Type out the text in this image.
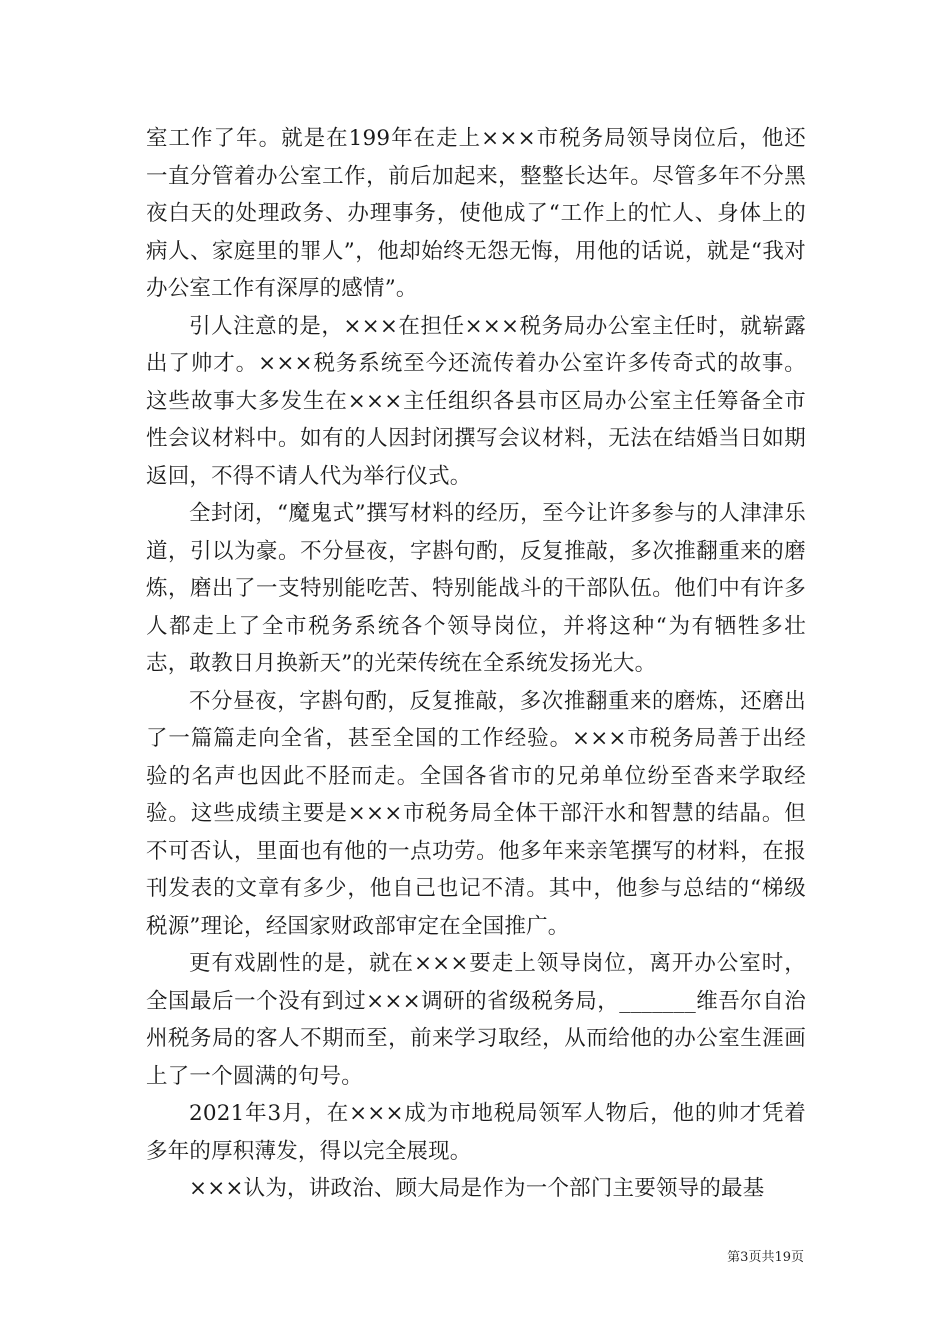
室工作了年。就是在199年在走上×××市税务局领导岗位后，他还一直分管着办公室工作，前后加起来，整整长达年。尽管多年不分黑夜白天的处理政务、办理事务，使他成了“工作上的忙人、身体上的病人、家庭里的罪人”，他却始终无怨无悔，用他的话说，就是“我对办公室工作有深厚的感情”。

引人注意的是，×××在担任×××税务局办公室主任时，就崭露出了帅才。×××税务系统至今还流传着办公室许多传奇式的故事。这些故事大多发生在×××主任组织各县市区局办公室主任筹备全市性会议材料中。如有的人因封闭撰写会议材料，无法在结婚当日如期返回，不得不请人代为举行仪式。

全封闭，“魔鬼式”撰写材料的经历，至今让许多参与的人津津乐道，引以为豪。不分昼夜，字斟句酌，反复推敲，多次推翻重来的磨炼，磨出了一支特别能吃苦、特别能战斗的干部队伍。他们中有许多人都走上了全市税务系统各个领导岗位，并将这种“为有牺牲多壮志，敢教日月换新天”的光荣传统在全系统发扬光大。

不分昼夜，字斟句酌，反复推敲，多次推翻重来的磨炼，还磨出了一篇篇走向全省，甚至全国的工作经验。×××市税务局善于出经验的名声也因此不胫而走。全国各省市的兄弟单位纷至沓来学取经验。这些成绩主要是×××市税务局全体干部汗水和智慧的结晶。但不可否认，里面也有他的一点功劳。他多年来亲笔撰写的材料，在报刊发表的文章有多少，他自己也记不清。其中，他参与总结的“梯级税源”理论，经国家财政部审定在全国推广。

更有戏剧性的是，就在×××要走上领导岗位，离开办公室时，全国最后一个没有到过×××调研的省级税务局，_______维吾尔自治州税务局的客人不期而至，前来学习取经，从而给他的办公室生涯画上了一个圆满的句号。

2021年3月，在×××成为市地税局领军人物后，他的帅才凭着多年的厚积薄发，得以完全展现。

×××认为，讲政治、顾大局是作为一个部门主要领导的最基

第3页共19页
